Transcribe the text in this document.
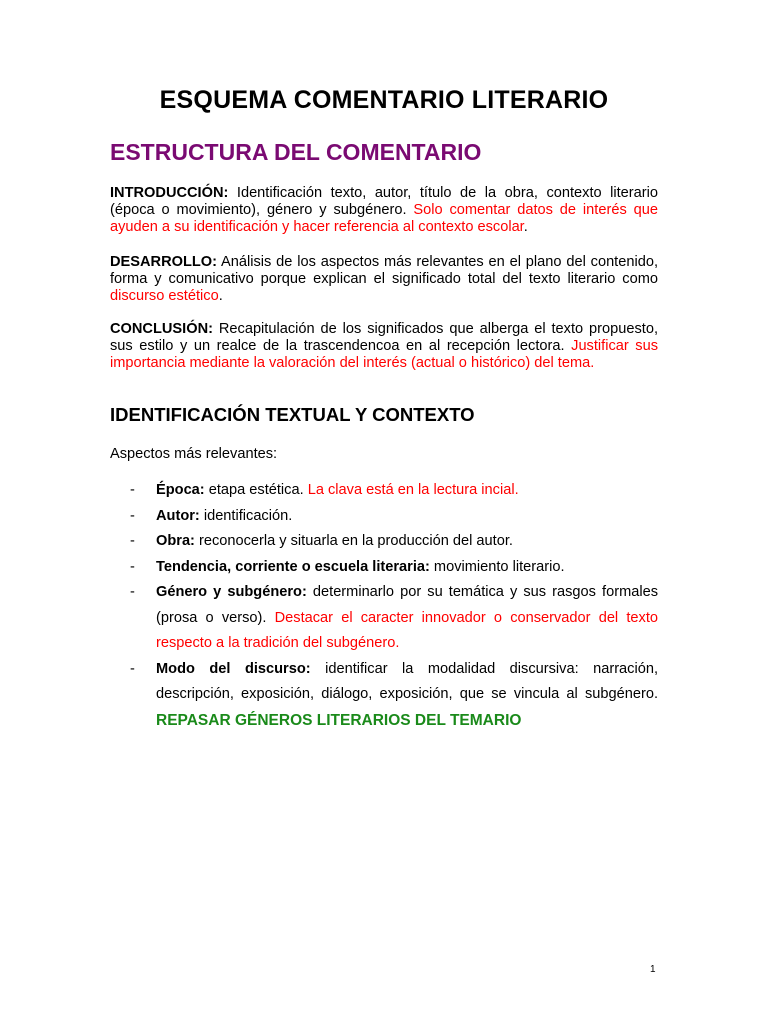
ESQUEMA COMENTARIO LITERARIO
ESTRUCTURA DEL COMENTARIO
INTRODUCCIÓN: Identificación texto, autor, título de la obra, contexto literario (época o movimiento), género y subgénero. Solo comentar datos de interés que ayuden a su identificación y hacer referencia al contexto escolar.
DESARROLLO: Análisis de los aspectos más relevantes en el plano del contenido, forma y comunicativo porque explican el significado total del texto literario como discurso estético.
CONCLUSIÓN: Recapitulación de los significados que alberga el texto propuesto, sus estilo y un realce de la trascendencoa en al recepción lectora. Justificar sus importancia mediante la valoración del interés (actual o histórico) del tema.
IDENTIFICACIÓN TEXTUAL Y CONTEXTO
Aspectos más relevantes:
- Época: etapa estética. La clava está en la lectura incial.
- Autor: identificación.
- Obra: reconocerla y situarla en la producción del autor.
- Tendencia, corriente o escuela literaria: movimiento literario.
- Género y subgénero: determinarlo por su temática y sus rasgos formales (prosa o verso). Destacar el caracter innovador o conservador del texto respecto a la tradición del subgénero.
- Modo del discurso: identificar la modalidad discursiva: narración, descripción, exposición, diálogo, exposición, que se vincula al subgénero. REPASAR GÉNEROS LITERARIOS DEL TEMARIO
1
